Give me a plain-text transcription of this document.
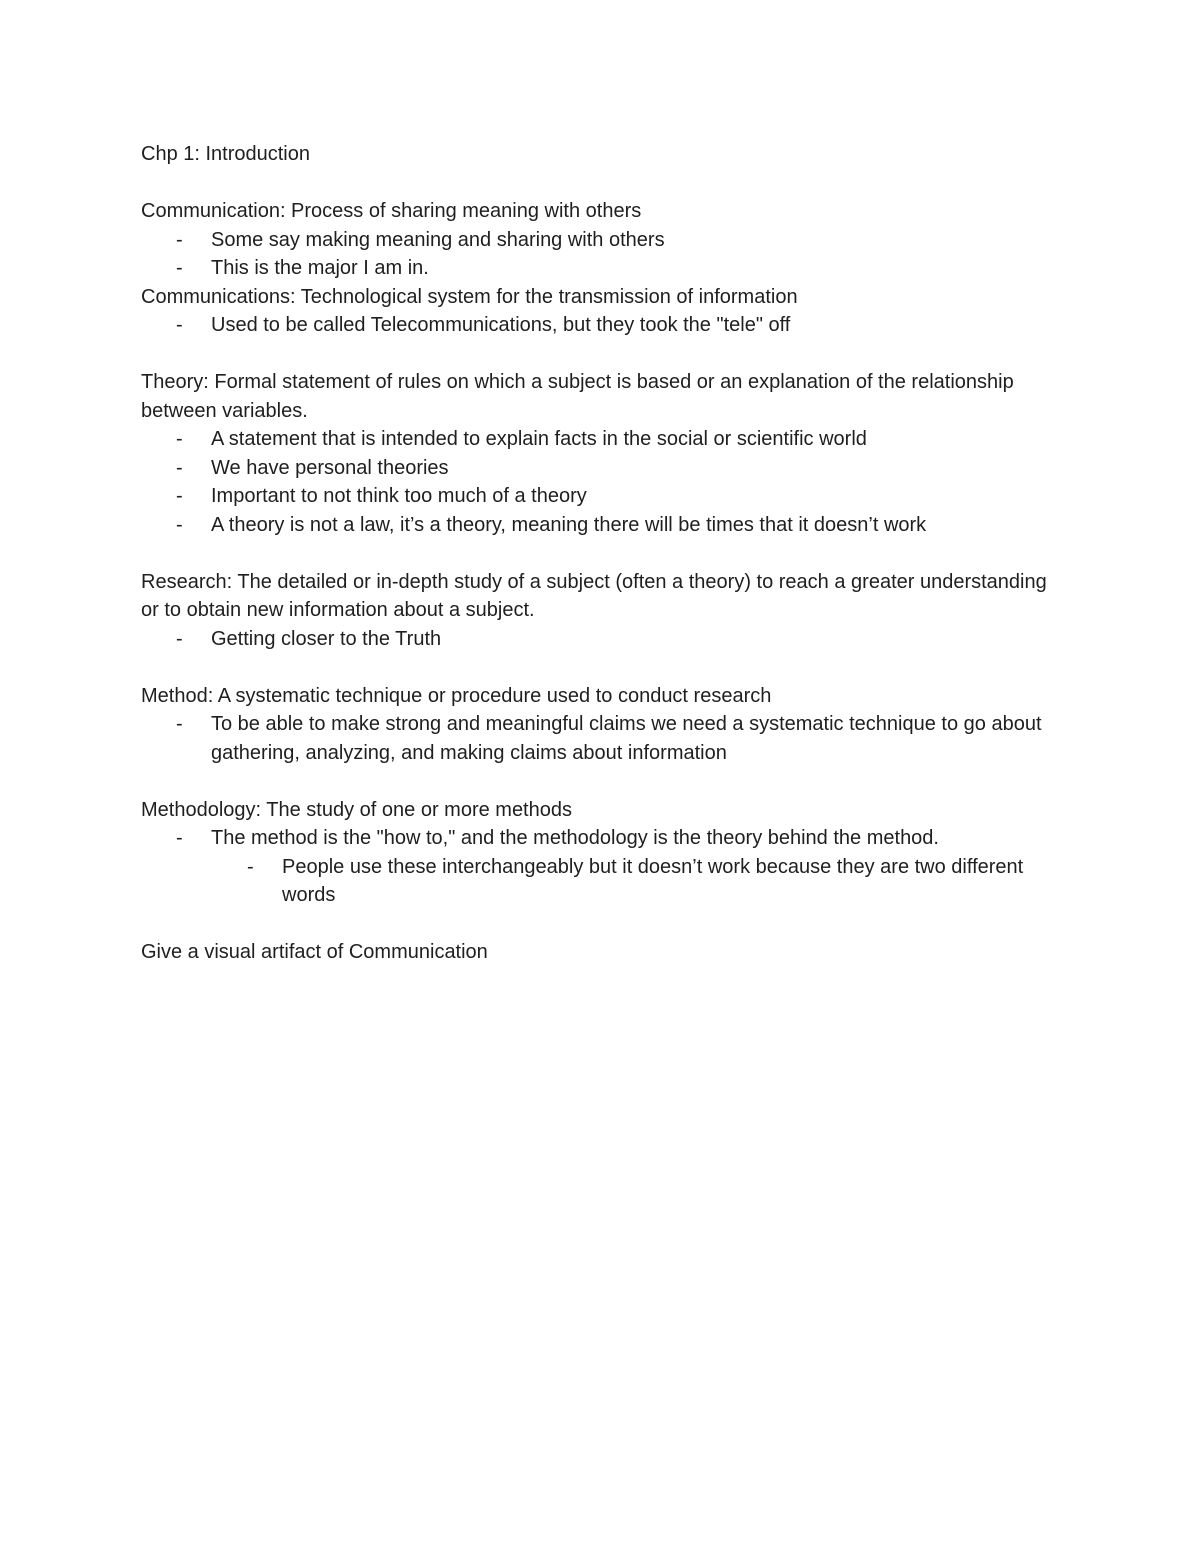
Chp 1: Introduction
Communication: Process of sharing meaning with others
- Some say making meaning and sharing with others
- This is the major I am in.
Communications: Technological system for the transmission of information
- Used to be called Telecommunications, but they took the "tele" off
Theory: Formal statement of rules on which a subject is based or an explanation of the relationship between variables.
- A statement that is intended to explain facts in the social or scientific world
- We have personal theories
- Important to not think too much of a theory
- A theory is not a law, it’s a theory, meaning there will be times that it doesn’t work
Research: The detailed or in-depth study of a subject (often a theory) to reach a greater understanding or to obtain new information about a subject.
- Getting closer to the Truth
Method: A systematic technique or procedure used to conduct research
- To be able to make strong and meaningful claims we need a systematic technique to go about gathering, analyzing, and making claims about information
Methodology: The study of one or more methods
- The method is the "how to," and the methodology is the theory behind the method.
- People use these interchangeably but it doesn’t work because they are two different words
Give a visual artifact of Communication
